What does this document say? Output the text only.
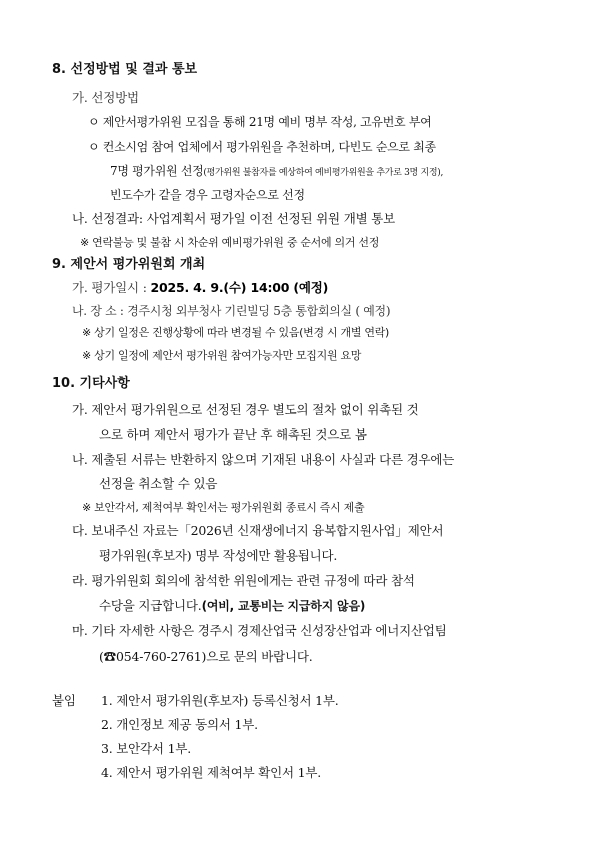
8. 선정방법 및 결과 통보
가. 선정방법
ㅇ 제안서평가위원 모집을 통해 21명 예비 명부 작성, 고유번호 부여
ㅇ 컨소시엄 참여 업체에서 평가위원을 추천하며, 다빈도 순으로 최종
7명 평가위원 선정(평가위원 불참자를 예상하여 예비평가위원을 추가로 3명 지정),
빈도수가 같을 경우 고령자순으로 선정
나. 선정결과: 사업계획서 평가일 이전 선정된 위원 개별 통보
※ 연락불능 및 불참 시 차순위 예비평가위원 중 순서에 의거 선정
9. 제안서 평가위원회 개최
가. 평가일시 : 2025. 4. 9.(수) 14:00 (예정)
나. 장 소 : 경주시청 외부청사 기린빌딩 5층 통합회의실 ( 예정)
※ 상기 일정은 진행상황에 따라 변경될 수 있음(변경 시 개별 연락)
※ 상기 일정에 제안서 평가위원 참여가능자만 모집지원 요망
10. 기타사항
가. 제안서 평가위원으로 선정된 경우 별도의 절차 없이 위촉된 것
으로 하며 제안서 평가가 끝난 후 해촉된 것으로 봄
나. 제출된 서류는 반환하지 않으며 기재된 내용이 사실과 다른 경우에는
선정을 취소할 수 있음
※ 보안각서, 제척여부 확인서는 평가위원회 종료시 즉시 제출
다. 보내주신 자료는「2026년 신재생에너지 융복합지원사업」제안서
평가위원(후보자) 명부 작성에만 활용됩니다.
라. 평가위원회 회의에 참석한 위원에게는 관련 규정에 따라 참석
수당을 지급합니다.(여비, 교통비는 지급하지 않음)
마. 기타 자세한 사항은 경주시 경제산업국 신성장산업과 에너지산업팀
(☎054-760-2761)으로 문의 바랍니다.
붙임 1. 제안서 평가위원(후보자) 등록신청서 1부.
2. 개인정보 제공 동의서 1부.
3. 보안각서 1부.
4. 제안서 평가위원 제척여부 확인서 1부.
